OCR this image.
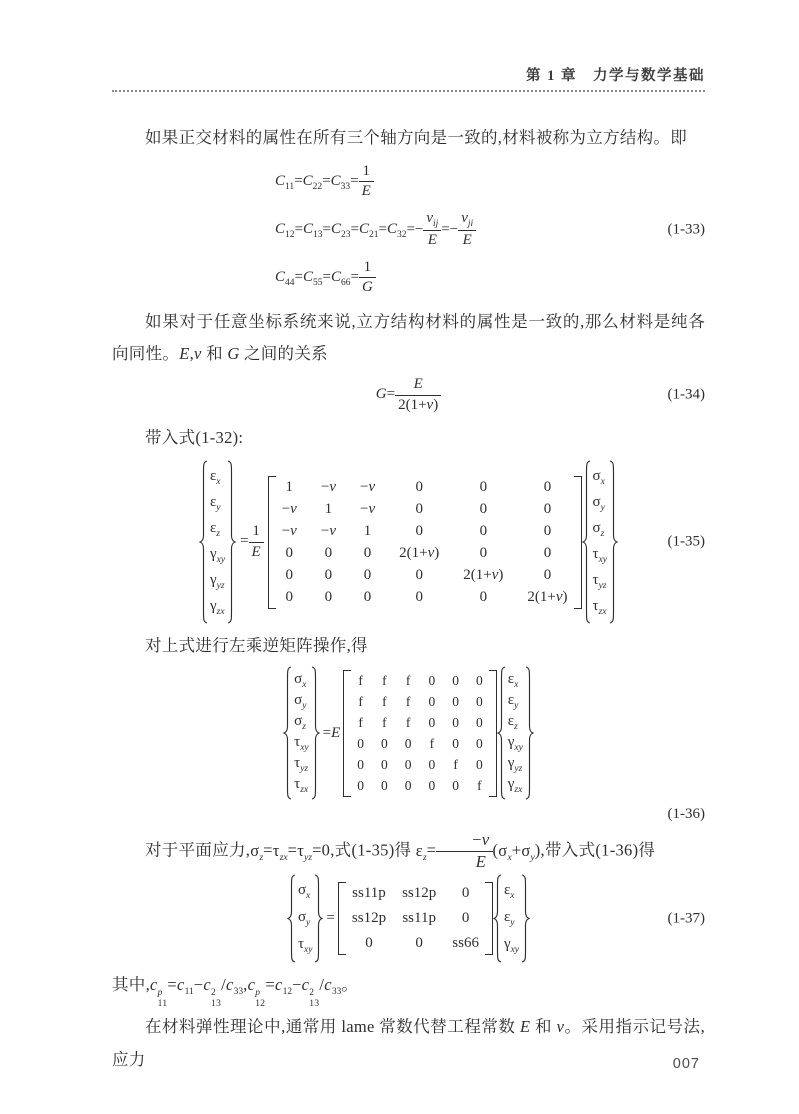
第 1 章　力学与数学基础

如果正交材料的属性在所有三个轴方向是一致的,材料被称为立方结构。即

$C_{11}=C_{22}=C_{33}= \frac{1}{E}$
$C_{12}=C_{13}=C_{23}=C_{21}=C_{32}=- \frac{v_{ij}}{E} =- \frac{v_{ji}}{E}$
$C_{44}=C_{55}=C_{66}= \frac{1}{G}$
(1-33)

如果对于任意坐标系统来说,立方结构材料的属性是一致的,那么材料是纯各向同性。E,v 和 G 之间的关系

$G= \frac{E}{2(1+v)}$	(1-34)

带入式(1-32):

$\varepsilon_x$
$\varepsilon_y$
$\varepsilon_z$
$\gamma_{xy}$
$\gamma_{yz}$
$\gamma_{zx}$
= $\frac{1}{E}$
1 −v −v	0	0	0
−v 1 −v	0	0	0
−v −v 1	0	0	0
0 0 0 2(1+v)	0	0
0 0 0	0	2(1+v)	0
0 0 0	0	0	2(1+v)
$\sigma_x$
$\sigma_y$
$\sigma_z$
$\tau_{xy}$
$\tau_{yz}$
$\tau_{zx}$
(1-35)

对上式进行左乘逆矩阵操作,得

$\sigma_x$
$\sigma_y$
$\sigma_z$
$\tau_{xy}$
$\tau_{yz}$
$\tau_{zx}$
=E
f f f 0 0 0
f f f 0 0 0
f f f 0 0 0
0 0 0 f 0 0
0 0 0 0 f 0
0 0 0 0 0 f
$\varepsilon_x$
$\varepsilon_y$
$\varepsilon_z$
$\gamma_{xy}$
$\gamma_{yz}$
$\gamma_{zx}$
(1-36)

对于平面应力$,\sigma_z=\tau_{zx}=\tau_{yz}=0$,式(1-35)得 $\varepsilon_z= \frac{-v}{E} (\sigma_x+\sigma_y)$,带入式(1-36)得

$\sigma_x$
$\sigma_y$
$\tau_{xy}$
=
ss11p ss12p 0
ss12p ss11p 0
0	0 ss66
$\varepsilon_x$
$\varepsilon_y$
$\gamma_{xy}$
(1-37)

其中,c p
11
$=c_{11}-c$ 2
13
$/c_{33},c$ p
12
$=c_{12}-c$ 2
13
$/c_{33}$。

在材料弹性理论中,通常用 lame 常数代替工程常数 E 和 v。采用指示记号法,应力	007
